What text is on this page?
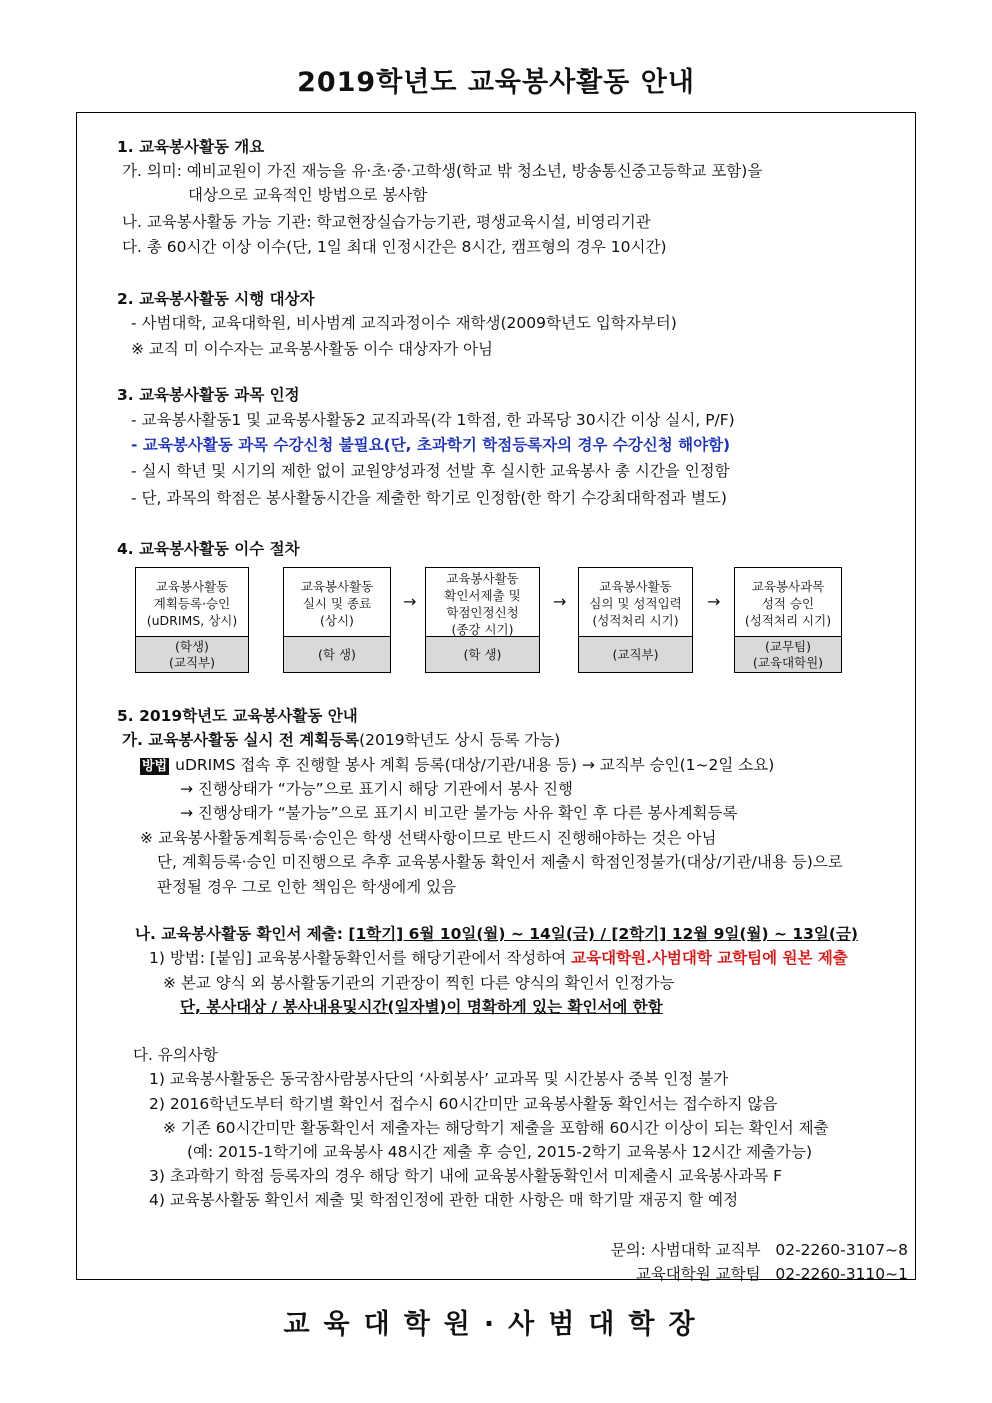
2019학년도 교육봉사활동 안내
1. 교육봉사활동 개요
가. 의미: 예비교원이 가진 재능을 유·초·중·고학생(학교 밖 청소년, 방송통신중고등학교 포함)을
대상으로 교육적인 방법으로 봉사함
나. 교육봉사활동 가능 기관: 학교현장실습가능기관, 평생교육시설, 비영리기관
다. 총 60시간 이상 이수(단, 1일 최대 인정시간은 8시간, 캠프형의 경우 10시간)
2. 교육봉사활동 시행 대상자
- 사범대학, 교육대학원, 비사범계 교직과정이수 재학생(2009학년도 입학자부터)
※ 교직 미 이수자는 교육봉사활동 이수 대상자가 아님
3. 교육봉사활동 과목 인정
- 교육봉사활동1 및 교육봉사활동2 교직과목(각 1학점, 한 과목당 30시간 이상 실시, P/F)
- 교육봉사활동 과목 수강신청 불필요(단, 초과학기 학점등록자의 경우 수강신청 해야함)
- 실시 학년 및 시기의 제한 없이 교원양성과정 선발 후 실시한 교육봉사 총 시간을 인정함
- 단, 과목의 학점은 봉사활동시간을 제출한 학기로 인정함(한 학기 수강최대학점과 별도)
4. 교육봉사활동 이수 절차
교육봉사활동
계획등록·승인
(uDRIMS, 상시)
(학생)
(교직부)
교육봉사활동
실시 및 종료
(상시)
(학 생)
교육봉사활동
확인서제출 및
학점인정신청
(종강 시기)
(학 생)
교육봉사활동
심의 및 성적입력
(성적처리 시기)
(교직부)
교육봉사과목
성적 승인
(성적처리 시기)
(교무팀)
(교육대학원)
→	→	→
5. 2019학년도 교육봉사활동 안내
가. 교육봉사활동 실시 전 계획등록(2019학년도 상시 등록 가능)
방법 uDRIMS 접속 후 진행할 봉사 계획 등록(대상/기관/내용 등) → 교직부 승인(1~2일 소요)
→ 진행상태가 “가능”으로 표기시 해당 기관에서 봉사 진행
→ 진행상태가 “불가능”으로 표기시 비고란 불가능 사유 확인 후 다른 봉사계획등록
※ 교육봉사활동계획등록·승인은 학생 선택사항이므로 반드시 진행해야하는 것은 아님
단, 계획등록·승인 미진행으로 추후 교육봉사활동 확인서 제출시 학점인정불가(대상/기관/내용 등)으로
판정될 경우 그로 인한 책임은 학생에게 있음
나. 교육봉사활동 확인서 제출: [1학기] 6월 10일(월) ~ 14일(금) / [2학기] 12월 9일(월) ~ 13일(금)
1) 방법: [붙임] 교육봉사활동확인서를 해당기관에서 작성하여 교육대학원.사범대학 교학팀에 원본 제출
※ 본교 양식 외 봉사활동기관의 기관장이 찍힌 다른 양식의 확인서 인정가능
단, 봉사대상 / 봉사내용및시간(일자별)이 명확하게 있는 확인서에 한함
다. 유의사항
1) 교육봉사활동은 동국참사람봉사단의 ‘사회봉사’ 교과목 및 시간봉사 중복 인정 불가
2) 2016학년도부터 학기별 확인서 접수시 60시간미만 교육봉사활동 확인서는 접수하지 않음
※ 기존 60시간미만 활동확인서 제출자는 해당학기 제출을 포함해 60시간 이상이 되는 확인서 제출
(예: 2015-1학기에 교육봉사 48시간 제출 후 승인, 2015-2학기 교육봉사 12시간 제출가능)
3) 초과학기 학점 등록자의 경우 해당 학기 내에 교육봉사활동확인서 미제출시 교육봉사과목 F
4) 교육봉사활동 확인서 제출 및 학점인정에 관한 대한 사항은 매 학기말 재공지 할 예정
문의: 사범대학 교직부   02-2260-3107~8
교육대학원 교학팀   02-2260-3110~1
교육대학원·사범대학장
